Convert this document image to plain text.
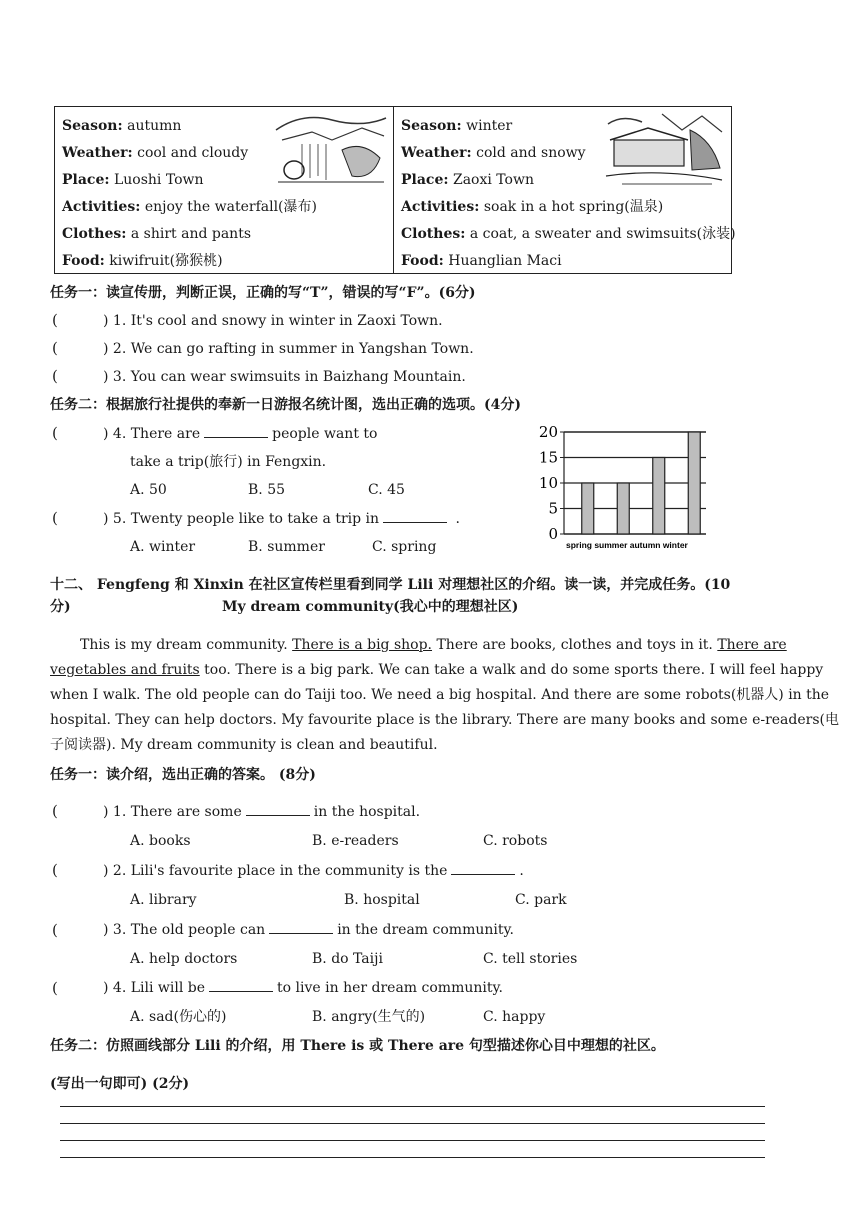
Season: autumn
Weather: cool and cloudy
Place: Luoshi Town
Activities: enjoy the waterfall(瀑布)
Clothes: a shirt and pants
Food: kiwifruit(猕猴桃)
Season: winter
Weather: cold and snowy
Place: Zaoxi Town
Activities: soak in a hot spring(温泉)
Clothes: a coat, a sweater and swimsuits(泳装)
Food: Huanglian Maci
任务一：读宣传册，判断正误，正确的写“T”，错误的写“F”。(6分)
(	) 1. It's cool and snowy in winter in Zaoxi Town.
(	) 2. We can go rafting in summer in Yangshan Town.
(	) 3. You can wear swimsuits in Baizhang Mountain.
任务二：根据旅行社提供的奉新一日游报名统计图，选出正确的选项。(4分)
(	) 4. There are	people want to
take a trip(旅行) in Fengxin.
A. 50	B. 55	C. 45
(	) 5. Twenty people like to take a trip in	.
A. winter	B. summer	C. spring
0
5
10
15
20
spring summer autumn winter
十二、 Fengfeng 和 Xinxin 在社区宣传栏里看到同学 Lili 对理想社区的介绍。读一读，并完成任务。(10
分)	My dream community(我心中的理想社区)
This is my dream community. There is a big shop. There are books, clothes and toys in it. There are
vegetables and fruits too. There is a big park. We can take a walk and do some sports there. I will feel happy
when I walk. The old people can do Taiji too. We need a big hospital. And there are some robots(机器人) in the
hospital. They can help doctors. My favourite place is the library. There are many books and some e-readers(电
子阅读器). My dream community is clean and beautiful.
任务一：读介绍，选出正确的答案。 (8分)
(	) 1. There are some	in the hospital.
A. books	B. e-readers	C. robots
(	) 2. Lili's favourite place in the community is the	.
A. library	B. hospital	C. park
(	) 3. The old people can	in the dream community.
A. help doctors	B. do Taiji	C. tell stories
(	) 4. Lili will be	to live in her dream community.
A. sad(伤心的)	B. angry(生气的)	C. happy
任务二：仿照画线部分 Lili 的介绍，用 There is 或 There are 句型描述你心目中理想的社区。
(写出一句即可) (2分)
